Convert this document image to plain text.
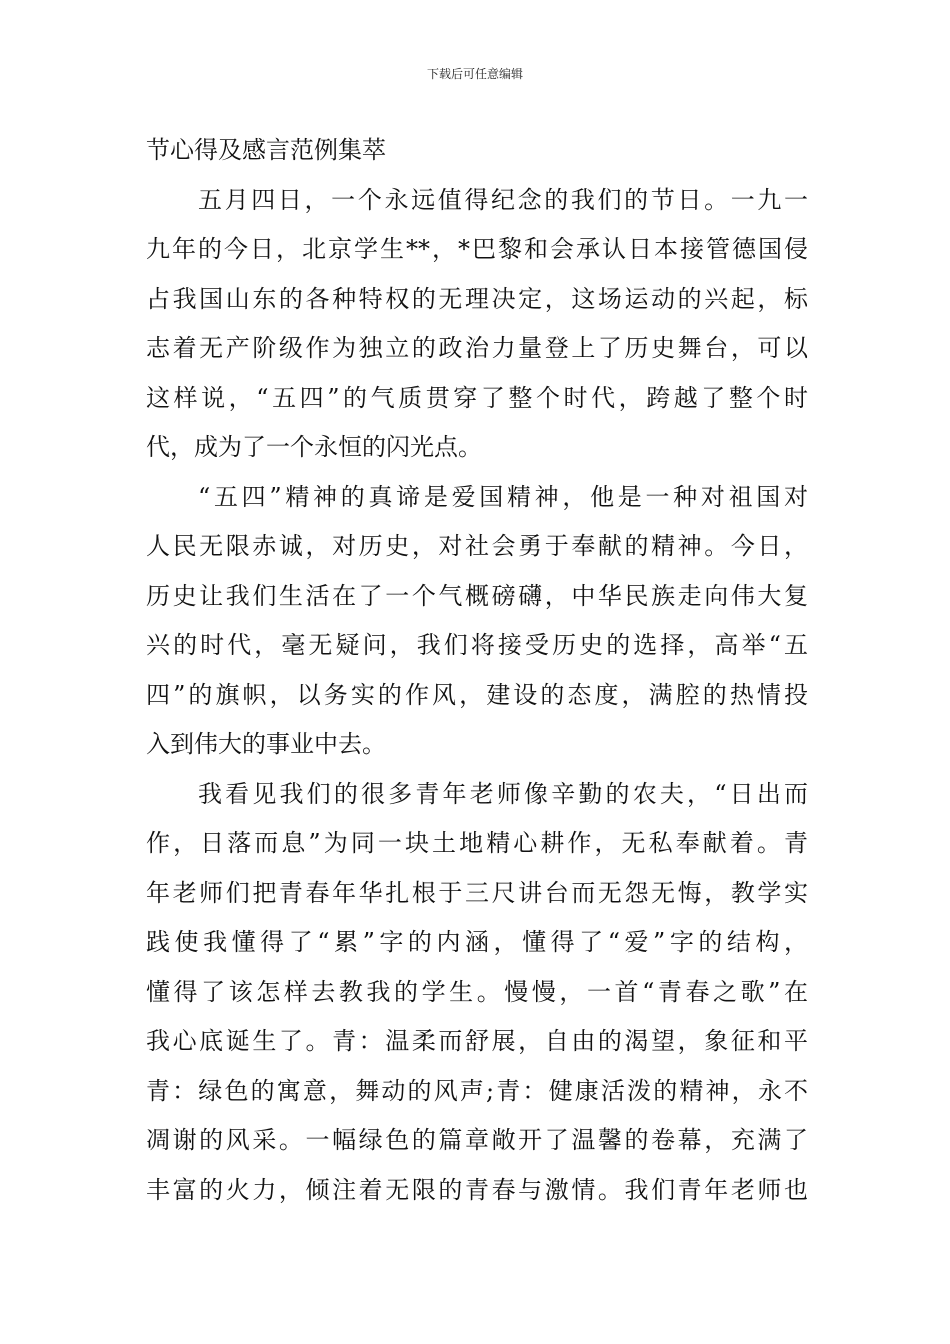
下载后可任意编辑
节心得及感言范例集萃
五月四日，一个永远值得纪念的我们的节日。一九一
九年的今日，北京学生**，*巴黎和会承认日本接管德国侵
占我国山东的各种特权的无理决定，这场运动的兴起，标
志着无产阶级作为独立的政治力量登上了历史舞台，可以
这样说，“五四”的气质贯穿了整个时代，跨越了整个时
代，成为了一个永恒的闪光点。
“五四”精神的真谛是爱国精神，他是一种对祖国对
人民无限赤诚，对历史，对社会勇于奉献的精神。今日，
历史让我们生活在了一个气概磅礴，中华民族走向伟大复
兴的时代，毫无疑问，我们将接受历史的选择，高举“五
四”的旗帜，以务实的作风，建设的态度，满腔的热情投
入到伟大的事业中去。
我看见我们的很多青年老师像辛勤的农夫，“日出而
作，日落而息”为同一块土地精心耕作，无私奉献着。青
年老师们把青春年华扎根于三尺讲台而无怨无悔，教学实
践使我懂得了“累”字的内涵，懂得了“爱”字的结构，
懂得了该怎样去教我的学生。慢慢，一首“青春之歌”在
我心底诞生了。青：温柔而舒展，自由的渴望，象征和平
青：绿色的寓意，舞动的风声;青：健康活泼的精神，永不
凋谢的风采。一幅绿色的篇章敞开了温馨的卷幕，充满了
丰富的火力，倾注着无限的青春与激情。我们青年老师也
